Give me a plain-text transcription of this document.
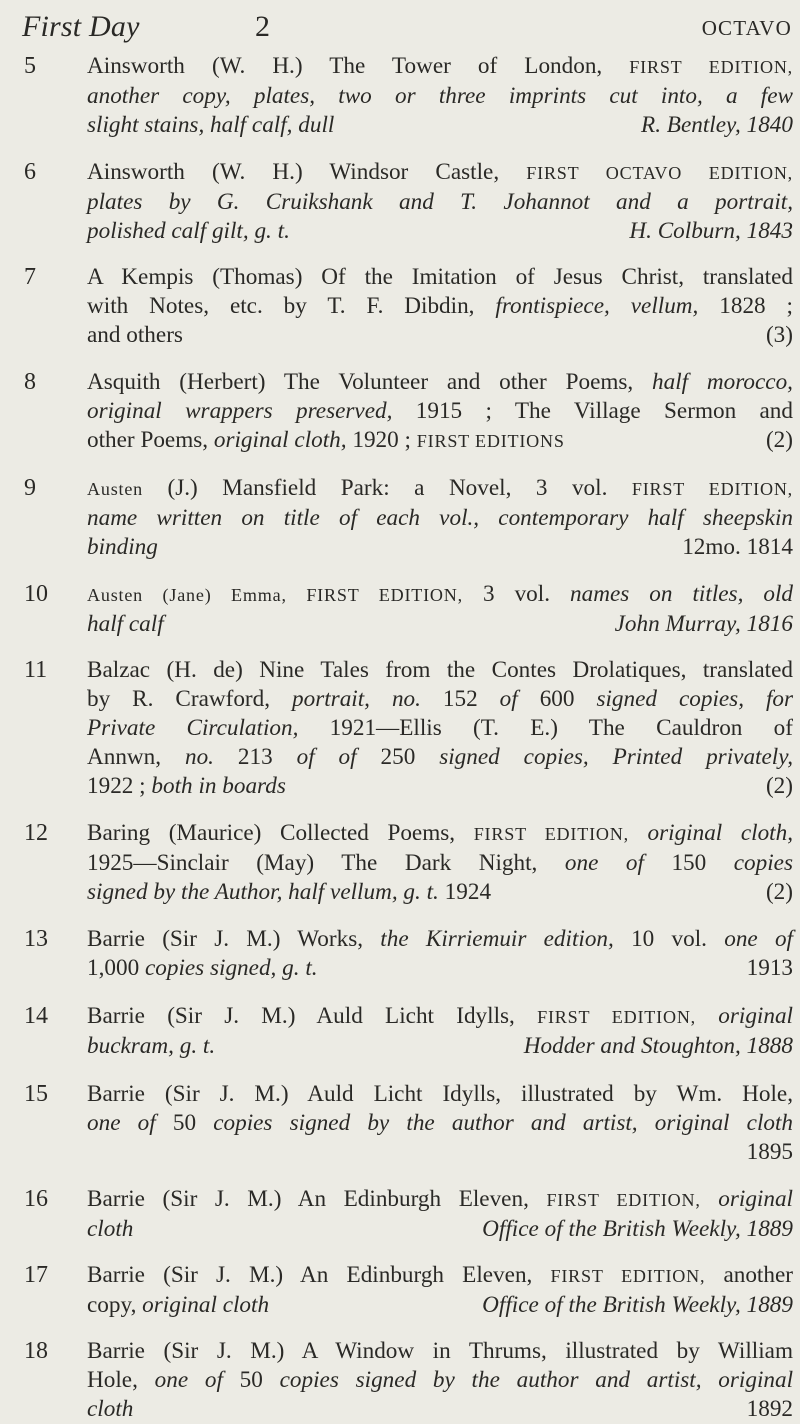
First Day	2	OCTAVO
5	Ainsworth (W. H.) The Tower of London, FIRST EDITION,
another copy, plates, two or three imprints cut into, a few
slight stains, half calf, dull	R. Bentley, 1840
6	Ainsworth (W. H.) Windsor Castle, FIRST OCTAVO EDITION,
plates by G. Cruikshank and T. Johannot and a portrait,
polished calf gilt, g. t.	H. Colburn, 1843
7	A Kempis (Thomas) Of the Imitation of Jesus Christ, translated
with Notes, etc. by T. F. Dibdin, frontispiece, vellum, 1828 ;
and others	(3)
8	Asquith (Herbert) The Volunteer and other Poems, half morocco,
original wrappers preserved, 1915 ; The Village Sermon and
other Poems, original cloth, 1920 ; FIRST EDITIONS	(2)
9	Austen (J.) Mansfield Park: a Novel, 3 vol. FIRST EDITION,
name written on title of each vol., contemporary half sheepskin
binding	12mo. 1814
10	Austen (Jane) Emma, FIRST EDITION, 3 vol. names on titles, old
half calf	John Murray, 1816
11	Balzac (H. de) Nine Tales from the Contes Drolatiques, translated
by R. Crawford, portrait, no. 152 of 600 signed copies, for
Private Circulation, 1921—Ellis (T. E.) The Cauldron of
Annwn, no. 213 of of 250 signed copies, Printed privately,
1922 ; both in boards	(2)
12	Baring (Maurice) Collected Poems, FIRST EDITION, original cloth,
1925—Sinclair (May) The Dark Night, one of 150 copies
signed by the Author, half vellum, g. t. 1924	(2)
13	Barrie (Sir J. M.) Works, the Kirriemuir edition, 10 vol. one of
1,000 copies signed, g. t.	1913
14	Barrie (Sir J. M.) Auld Licht Idylls, FIRST EDITION, original
buckram, g. t.	Hodder and Stoughton, 1888
15	Barrie (Sir J. M.) Auld Licht Idylls, illustrated by Wm. Hole,
one of 50 copies signed by the author and artist, original cloth
1895
16	Barrie (Sir J. M.) An Edinburgh Eleven, FIRST EDITION, original
cloth	Office of the British Weekly, 1889
17	Barrie (Sir J. M.) An Edinburgh Eleven, FIRST EDITION, another
copy, original cloth	Office of the British Weekly, 1889
18	Barrie (Sir J. M.) A Window in Thrums, illustrated by William
Hole, one of 50 copies signed by the author and artist, original
cloth	1892
